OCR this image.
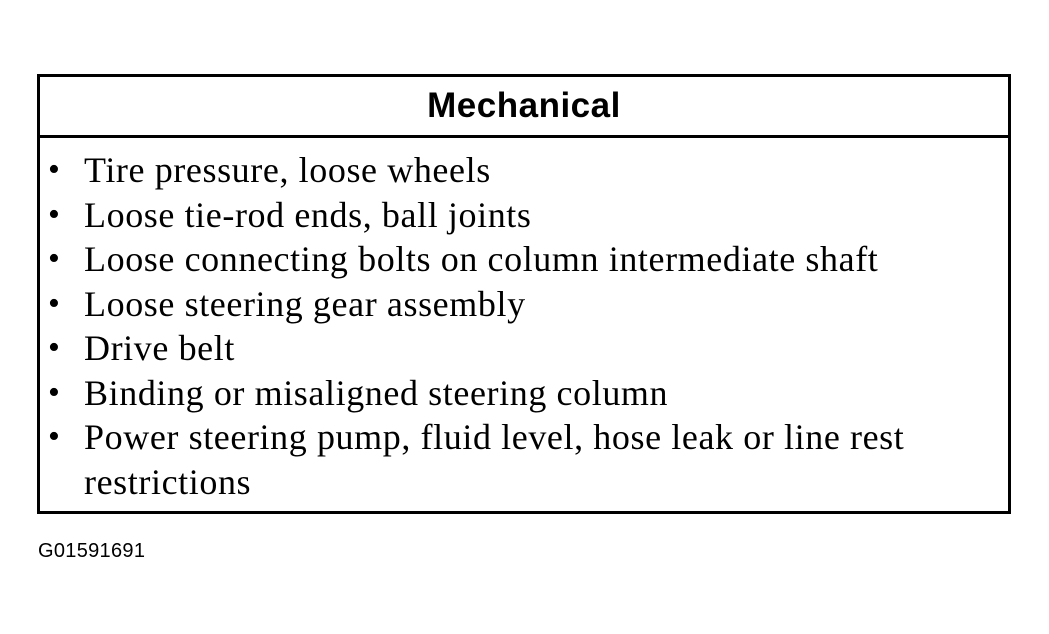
Mechanical
• Tire pressure, loose wheels
• Loose tie-rod ends, ball joints
• Loose connecting bolts on column intermediate shaft
• Loose steering gear assembly
• Drive belt
• Binding or misaligned steering column
• Power steering pump, fluid level, hose leak or line rest restrictions
G01591691
